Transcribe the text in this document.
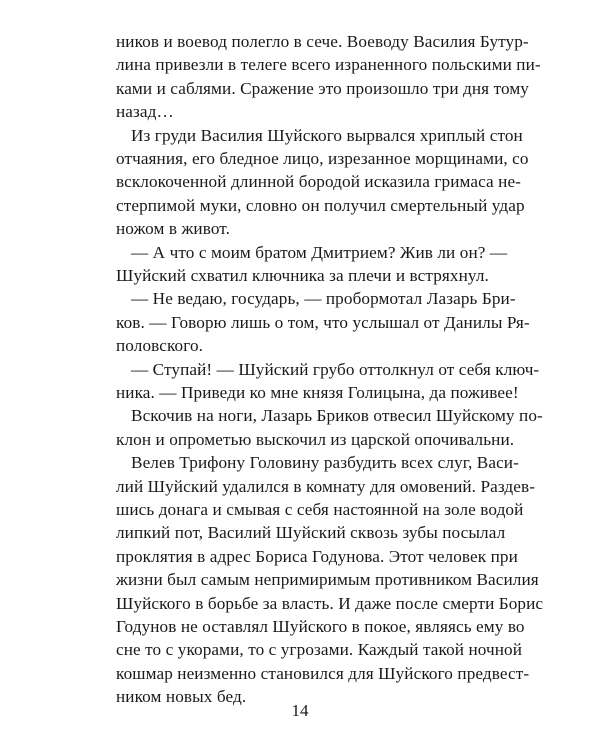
ников и воевод полегло в сече. Воеводу Василия Бутур-
лина привезли в телеге всего израненного польскими пи-
ками и саблями. Сражение это произошло три дня тому
назад…
Из груди Василия Шуйского вырвался хриплый стон
отчаяния, его бледное лицо, изрезанное морщинами, со
всклокоченной длинной бородой исказила гримаса не-
стерпимой муки, словно он получил смертельный удар
ножом в живот.
— А что с моим братом Дмитрием? Жив ли он? —
Шуйский схватил ключника за плечи и встряхнул.
— Не ведаю, государь, — пробормотал Лазарь Бри-
ков. — Говорю лишь о том, что услышал от Данилы Ря-
половского.
— Ступай! — Шуйский грубо оттолкнул от себя ключ-
ника. — Приведи ко мне князя Голицына, да поживее!
Вскочив на ноги, Лазарь Бриков отвесил Шуйскому по-
клон и опрометью выскочил из царской опочивальни.
Велев Трифону Головину разбудить всех слуг, Васи-
лий Шуйский удалился в комнату для омовений. Раздев-
шись донага и смывая с себя настоянной на золе водой
липкий пот, Василий Шуйский сквозь зубы посылал
проклятия в адрес Бориса Годунова. Этот человек при
жизни был самым непримиримым противником Василия
Шуйского в борьбе за власть. И даже после смерти Борис
Годунов не оставлял Шуйского в покое, являясь ему во
сне то с укорами, то с угрозами. Каждый такой ночной
кошмар неизменно становился для Шуйского предвест-
ником новых бед.
14
